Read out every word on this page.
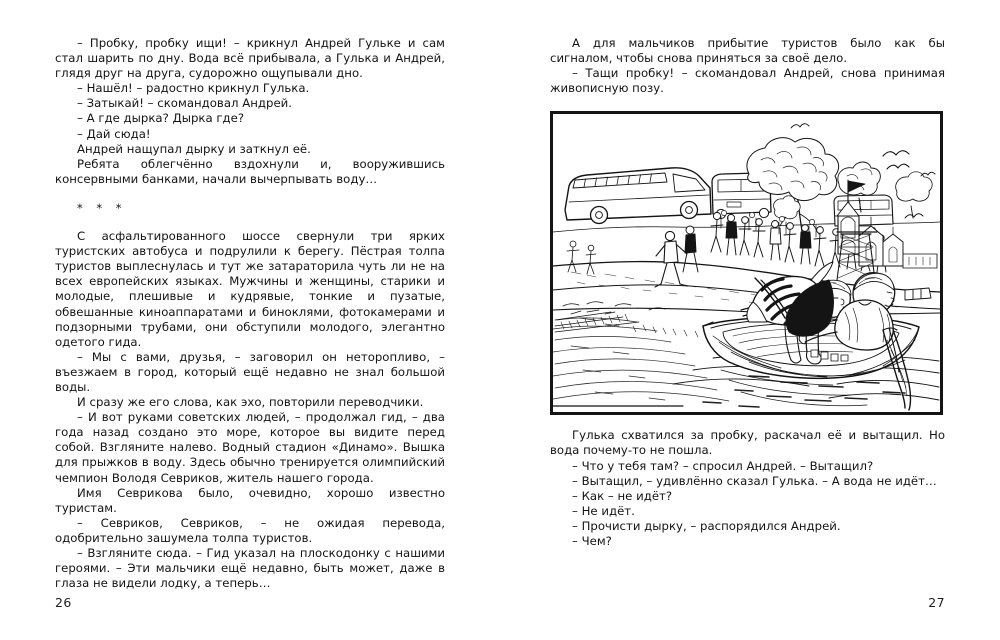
– Пробку, пробку ищи! – крикнул Андрей Гульке и сам стал шарить по дну. Вода всё прибывала, а Гулька и Андрей, глядя друг на друга, судорожно ощупывали дно.

– Нашёл! – радостно крикнул Гулька.

– Затыкай! – скомандовал Андрей.

– А где дырка? Дырка где?

– Дай сюда!

Андрей нащупал дырку и заткнул её.

Ребята облегчённо вздохнули и, вооружившись консервными банками, начали вычерпывать воду…

* * *

С асфальтированного шоссе свернули три ярких туристских автобуса и подрулили к берегу. Пёстрая толпа туристов выплеснулась и тут же затараторила чуть ли не на всех европейских языках. Мужчины и женщины, старики и молодые, плешивые и кудрявые, тонкие и пузатые, обвешанные киноаппаратами и биноклями, фотокамерами и подзорными трубами, они обступили молодого, элегантно одетого гида.

– Мы с вами, друзья, – заговорил он неторопливо, – въезжаем в город, который ещё недавно не знал большой воды.

И сразу же его слова, как эхо, повторили переводчики.

– И вот руками советских людей, – продолжал гид, – два года назад создано это море, которое вы видите перед собой. Взгляните налево. Водный стадион «Динамо». Вышка для прыжков в воду. Здесь обычно тренируется олимпийский чемпион Володя Севриков, житель нашего города.

Имя Севрикова было, очевидно, хорошо известно туристам.

– Севриков, Севриков, – не ожидая перевода, одобрительно зашумела толпа туристов.

– Взгляните сюда. – Гид указал на плоскодонку с нашими героями. – Эти мальчики ещё недавно, быть может, даже в глаза не видели лодку, а теперь…

26

А для мальчиков прибытие туристов было как бы сигналом, чтобы снова приняться за своё дело.

– Тащи пробку! – скомандовал Андрей, снова принимая живописную позу.

Гулька схватился за пробку, раскачал её и вытащил. Но вода почему-то не пошла.

– Что у тебя там? – спросил Андрей. – Вытащил?

– Вытащил, – удивлённо сказал Гулька. – А вода не идёт…

– Как – не идёт?

– Не идёт.

– Прочисти дырку, – распорядился Андрей.

– Чем?

27
